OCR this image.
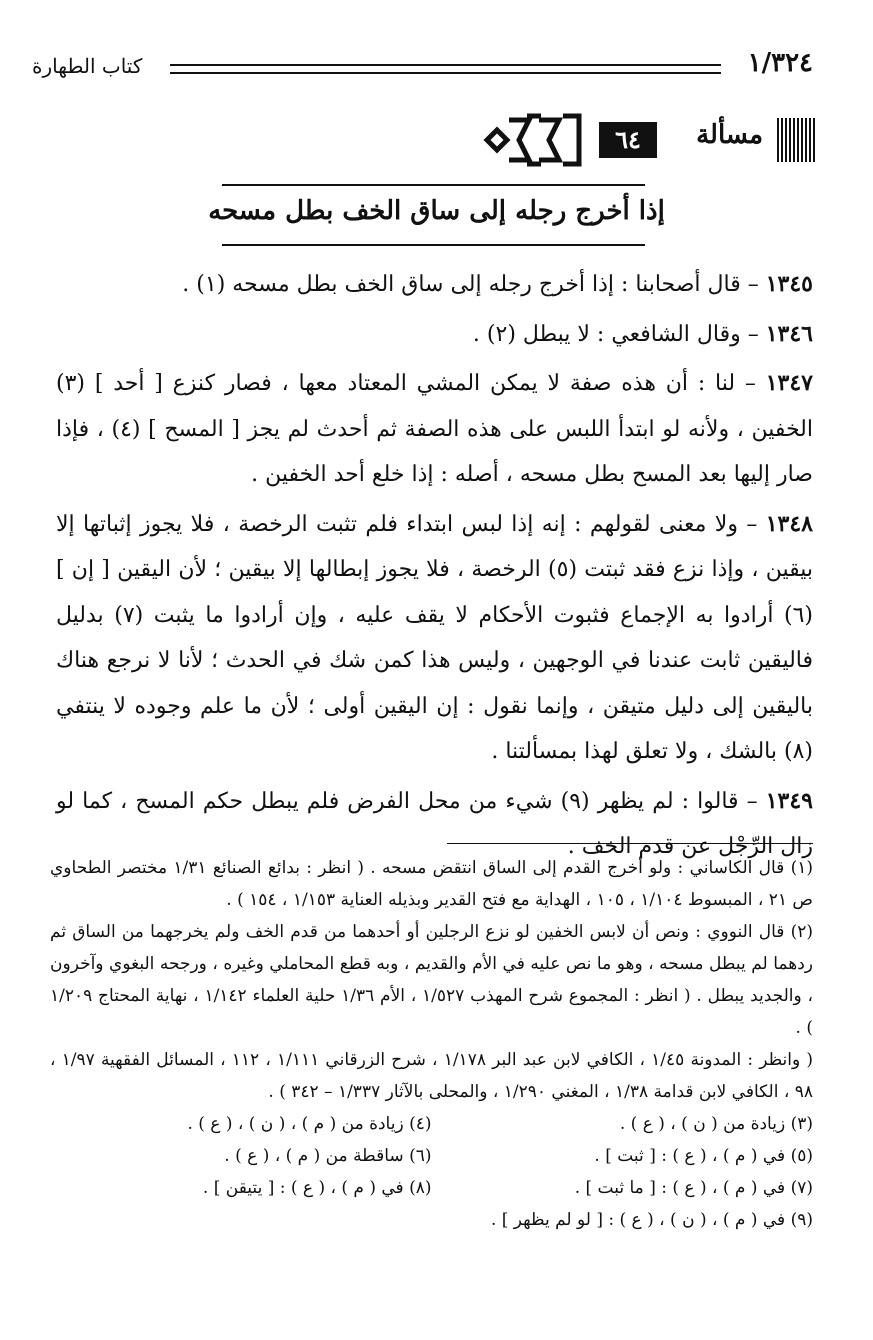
١/٣٢٤
كتاب الطهارة
مسألة
٦٤
إذا أخرج رجله إلى ساق الخف بطل مسحه

١٣٤٥ – قال أصحابنا : إذا أخرج رجله إلى ساق الخف بطل مسحه (١) .

١٣٤٦ – وقال الشافعي : لا يبطل (٢) .

١٣٤٧ – لنا : أن هذه صفة لا يمكن المشي المعتاد معها ، فصار كنزع [ أحد ] (٣) الخفين ، ولأنه لو ابتدأ اللبس على هذه الصفة ثم أحدث لم يجز [ المسح ] (٤) ، فإذا صار إليها بعد المسح بطل مسحه ، أصله : إذا خلع أحد الخفين .

١٣٤٨ – ولا معنى لقولهم : إنه إذا لبس ابتداء فلم تثبت الرخصة ، فلا يجوز إثباتها إلا بيقين ، وإذا نزع فقد ثبتت (٥) الرخصة ، فلا يجوز إبطالها إلا بيقين ؛ لأن اليقين [ إن ] (٦) أرادوا به الإجماع فثبوت الأحكام لا يقف عليه ، وإن أرادوا ما يثبت (٧) بدليل فاليقين ثابت عندنا في الوجهين ، وليس هذا كمن شك في الحدث ؛ لأنا لا نرجع هناك باليقين إلى دليل متيقن ، وإنما نقول : إن اليقين أولى ؛ لأن ما علم وجوده لا ينتفي (٨) بالشك ، ولا تعلق لهذا بمسألتنا .

١٣٤٩ – قالوا : لم يظهر (٩) شيء من محل الفرض فلم يبطل حكم المسح ، كما لو زال الرِّجْل عن قدم الخف .

(١) قال الكاساني : ولو أخرج القدم إلى الساق انتقض مسحه . ( انظر : بدائع الصنائع ١/٣١ مختصر الطحاوي ص ٢١ ، المبسوط ١/١٠٤ ، ١٠٥ ، الهداية مع فتح القدير وبذيله العناية ١/١٥٣ ، ١٥٤ ) .

(٢) قال النووي : ونص أن لابس الخفين لو نزع الرجلين أو أحدهما من قدم الخف ولم يخرجهما من الساق ثم ردهما لم يبطل مسحه ، وهو ما نص عليه في الأم والقديم ، وبه قطع المحاملي وغيره ، ورجحه البغوي وآخرون ، والجديد يبطل . ( انظر : المجموع شرح المهذب ١/٥٢٧ ، الأم ١/٣٦ حلية العلماء ١/١٤٢ ، نهاية المحتاج ١/٢٠٩ ) .

( وانظر : المدونة ١/٤٥ ، الكافي لابن عبد البر ١/١٧٨ ، شرح الزرقاني ١/١١١ ، ١١٢ ، المسائل الفقهية ١/٩٧ ، ٩٨ ، الكافي لابن قدامة ١/٣٨ ، المغني ١/٢٩٠ ، والمحلى بالآثار ١/٣٣٧ – ٣٤٢ ) .

(٣) زيادة من ( ن ) ، ( ع ) .
(٤) زيادة من ( م ) ، ( ن ) ، ( ع ) .
(٥) في ( م ) ، ( ع ) : [ ثبت ] .
(٦) ساقطة من ( م ) ، ( ع ) .
(٧) في ( م ) ، ( ع ) : [ ما ثبت ] .
(٨) في ( م ) ، ( ع ) : [ يتيقن ] .

(٩) في ( م ) ، ( ن ) ، ( ع ) : [ لو لم يظهر ] .
